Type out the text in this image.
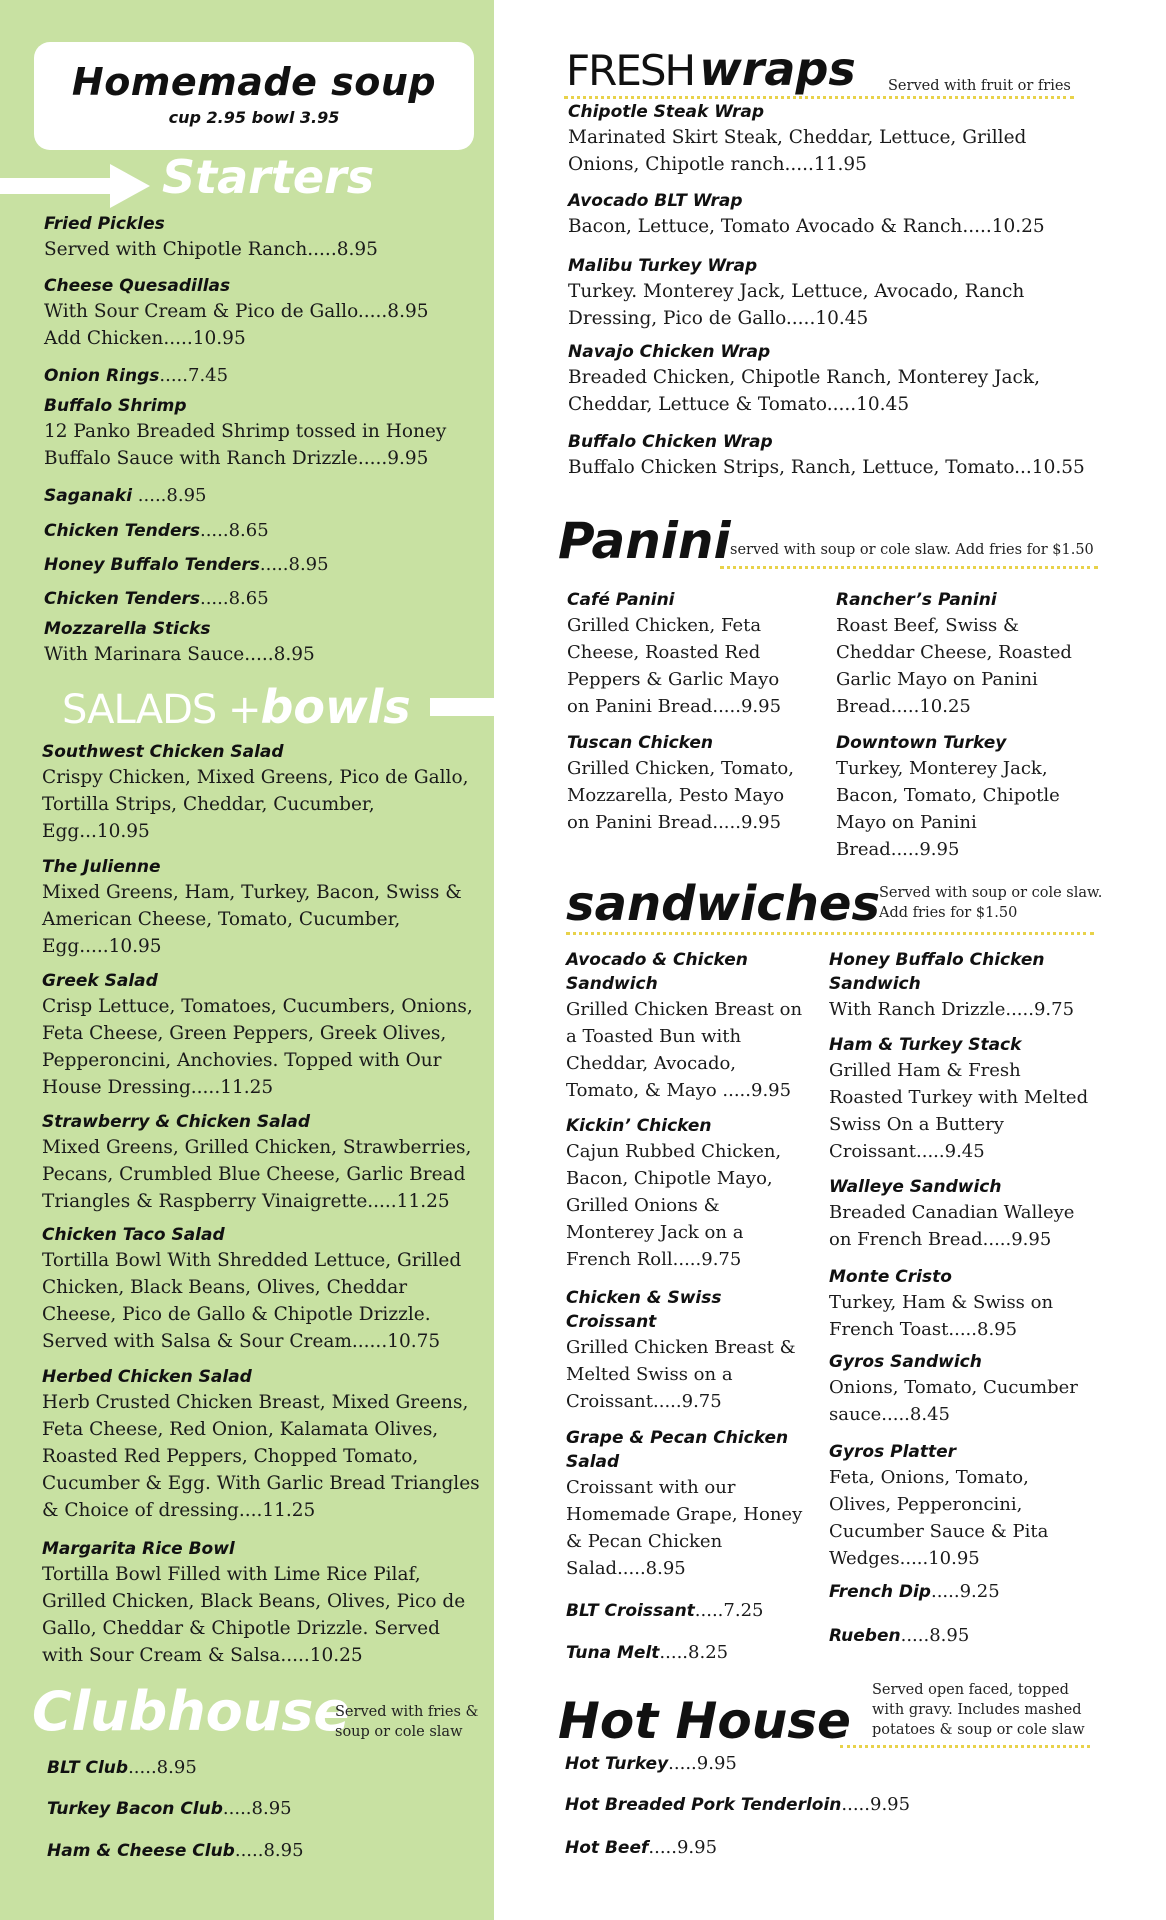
Homemade soup
cup 2.95 bowl 3.95
Starters
Fried Pickles
Served with Chipotle Ranch.....8.95
Cheese Quesadillas
With Sour Cream & Pico de Gallo.....8.95
Add Chicken.....10.95
Onion Rings.....7.45
Buffalo Shrimp
12 Panko Breaded Shrimp tossed in Honey Buffalo Sauce with Ranch Drizzle.....9.95
Saganaki .....8.95
Chicken Tenders.....8.65
Honey Buffalo Tenders.....8.95
Chicken Tenders.....8.65
Mozzarella Sticks
With Marinara Sauce.....8.95
SALADS +bowls
Southwest Chicken Salad
Crispy Chicken, Mixed Greens, Pico de Gallo, Tortilla Strips, Cheddar, Cucumber, Egg...10.95
The Julienne
Mixed Greens, Ham, Turkey, Bacon, Swiss & American Cheese, Tomato, Cucumber, Egg.....10.95
Greek Salad
Crisp Lettuce, Tomatoes, Cucumbers, Onions, Feta Cheese, Green Peppers, Greek Olives, Pepperoncini, Anchovies. Topped with Our House Dressing.....11.25
Strawberry & Chicken Salad
Mixed Greens, Grilled Chicken, Strawberries, Pecans, Crumbled Blue Cheese, Garlic Bread Triangles & Raspberry Vinaigrette.....11.25
Chicken Taco Salad
Tortilla Bowl With Shredded Lettuce, Grilled Chicken, Black Beans, Olives, Cheddar Cheese, Pico de Gallo & Chipotle Drizzle. Served with Salsa & Sour Cream......10.75
Herbed Chicken Salad
Herb Crusted Chicken Breast, Mixed Greens, Feta Cheese, Red Onion, Kalamata Olives, Roasted Red Peppers, Chopped Tomato, Cucumber & Egg. With Garlic Bread Triangles & Choice of dressing....11.25
Margarita Rice Bowl
Tortilla Bowl Filled with Lime Rice Pilaf, Grilled Chicken, Black Beans, Olives, Pico de Gallo, Cheddar & Chipotle Drizzle. Served with Sour Cream & Salsa.....10.25
Clubhouse
Served with fries & soup or cole slaw
BLT Club.....8.95
Turkey Bacon Club.....8.95
Ham & Cheese Club.....8.95
FRESH wraps Served with fruit or fries
Chipotle Steak Wrap
Marinated Skirt Steak, Cheddar, Lettuce, Grilled Onions, Chipotle ranch.....11.95
Avocado BLT Wrap
Bacon, Lettuce, Tomato Avocado & Ranch.....10.25
Malibu Turkey Wrap
Turkey. Monterey Jack, Lettuce, Avocado, Ranch Dressing, Pico de Gallo.....10.45
Navajo Chicken Wrap
Breaded Chicken, Chipotle Ranch, Monterey Jack, Cheddar, Lettuce & Tomato.....10.45
Buffalo Chicken Wrap
Buffalo Chicken Strips, Ranch, Lettuce, Tomato...10.55
Panini served with soup or cole slaw. Add fries for $1.50
Café Panini
Grilled Chicken, Feta Cheese, Roasted Red Peppers & Garlic Mayo on Panini Bread.....9.95
Rancher’s Panini
Roast Beef, Swiss & Cheddar Cheese, Roasted Garlic Mayo on Panini Bread.....10.25
Tuscan Chicken
Grilled Chicken, Tomato, Mozzarella, Pesto Mayo on Panini Bread.....9.95
Downtown Turkey
Turkey, Monterey Jack, Bacon, Tomato, Chipotle Mayo on Panini Bread.....9.95
sandwiches
Served with soup or cole slaw. Add fries for $1.50
Avocado & Chicken Sandwich
Grilled Chicken Breast on a Toasted Bun with Cheddar, Avocado, Tomato, & Mayo .....9.95
Kickin’ Chicken
Cajun Rubbed Chicken, Bacon, Chipotle Mayo, Grilled Onions & Monterey Jack on a French Roll.....9.75
Chicken & Swiss Croissant
Grilled Chicken Breast & Melted Swiss on a Croissant.....9.75
Grape & Pecan Chicken Salad
Croissant with our Homemade Grape, Honey & Pecan Chicken Salad.....8.95
BLT Croissant.....7.25
Tuna Melt.....8.25
Honey Buffalo Chicken Sandwich
With Ranch Drizzle.....9.75
Ham & Turkey Stack
Grilled Ham & Fresh Roasted Turkey with Melted Swiss On a Buttery Croissant.....9.45
Walleye Sandwich
Breaded Canadian Walleye on French Bread.....9.95
Monte Cristo
Turkey, Ham & Swiss on French Toast.....8.95
Gyros Sandwich
Onions, Tomato, Cucumber sauce.....8.45
Gyros Platter
Feta, Onions, Tomato, Olives, Pepperoncini, Cucumber Sauce & Pita Wedges.....10.95
French Dip.....9.25
Rueben.....8.95
Hot House
Served open faced, topped with gravy. Includes mashed potatoes & soup or cole slaw
Hot Turkey.....9.95
Hot Breaded Pork Tenderloin.....9.95
Hot Beef.....9.95
